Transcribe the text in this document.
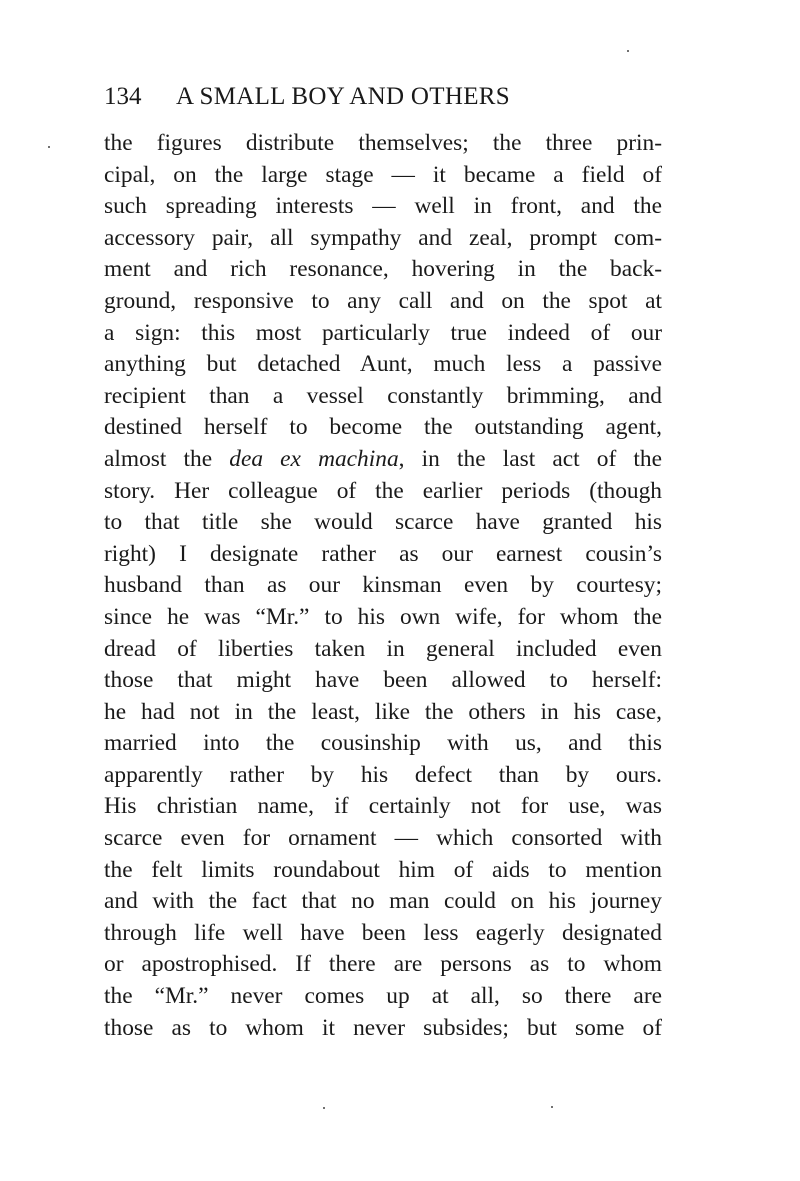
134 A SMALL BOY AND OTHERS
the figures distribute themselves; the three prin-
cipal, on the large stage — it became a field of
such spreading interests — well in front, and the
accessory pair, all sympathy and zeal, prompt com-
ment and rich resonance, hovering in the back-
ground, responsive to any call and on the spot at
a sign: this most particularly true indeed of our
anything but detached Aunt, much less a passive
recipient than a vessel constantly brimming, and
destined herself to become the outstanding agent,
almost the dea ex machina, in the last act of the
story. Her colleague of the earlier periods (though
to that title she would scarce have granted his
right) I designate rather as our earnest cousin’s
husband than as our kinsman even by courtesy;
since he was “Mr.” to his own wife, for whom the
dread of liberties taken in general included even
those that might have been allowed to herself:
he had not in the least, like the others in his case,
married into the cousinship with us, and this
apparently rather by his defect than by ours.
His christian name, if certainly not for use, was
scarce even for ornament — which consorted with
the felt limits roundabout him of aids to mention
and with the fact that no man could on his journey
through life well have been less eagerly designated
or apostrophised. If there are persons as to whom
the “Mr.” never comes up at all, so there are
those as to whom it never subsides; but some of
